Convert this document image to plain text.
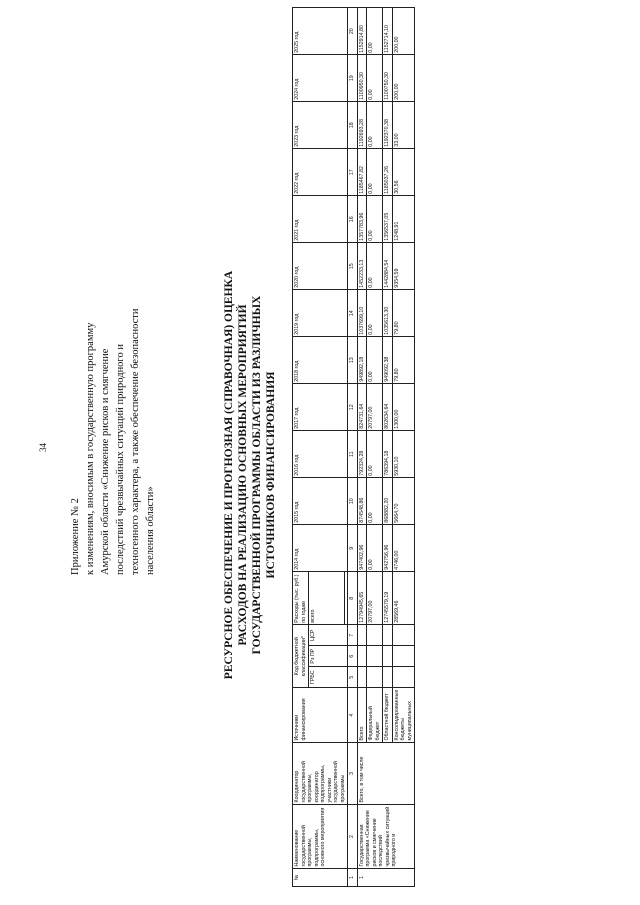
34
Приложение № 2 к изменениям, вносимым в государственную программу Амурской области «Снижение рисков и смягчение последствий чрезвычайных ситуаций природного и техногенного характера, а также обеспечение безопасности населения области»	РЕСУРСНОЕ ОБЕСПЕЧЕНИЕ И ПРОГНОЗНАЯ (СПРАВОЧНАЯ) ОЦЕНКА РАСХОДОВ НА РЕАЛИЗАЦИЮ ОСНОВНЫХ МЕРОПРИЯТИЙ ГОСУДАРСТВЕННОЙ ПРОГРАММЫ ОБЛАСТИ ИЗ РАЗЛИЧНЫХ ИСТОЧНИКОВ ФИНАНСИРОВАНИЯ
№	Наименование государственной программы, подпрограммы, основного мероприятия	Координатор государственной программы, координатор подпрограммы, участники государственной программы	Источники финансирования	Код бюджетной классификации*			Расходы (тыс. руб.) по годам	2014 год	2015 год	2016 год	2017 год	2018 год	2019 год	2020 год	2021 год	2022 год	2023 год	2024 год	2025 год
				ГРБС	Рз ПР	ЦСР	всего												

1	2	3	4	5	6	7	8	9	10	11	12	13	14	15	16	17	18	19	20
1	Государственная программа «Снижение рисков и смягчение последствий чрезвычайных ситуаций природного и	Всего, в том числе	Всего				12794945,65	947402,96	874548,86	792324,28	824731,64	949892,18	1037699,10	1452233,13	1357783,96	1185467,82	1192693,28	1100950,30	1152914,80
			Федеральный бюджет				20797,00	0,00	0,00	0,00	20797,00	0,00	0,00	0,00	0,00	0,00	0,00	0,00	0,00
			Областной бюджет				12745579,19	942756,96	868882,20	786394,18	802634,64	949092,38	1035613,30	1442884,54	1356537,05	1185037,26	1192370,38	1100750,30	1152714,10
			Консолидированные бюджеты муниципальных				28569,46	4746,00	5664,70	5930,10	1300,00	79,80	79,80	9354,59	1248,91	30,56	33,00	200,00	200,00
